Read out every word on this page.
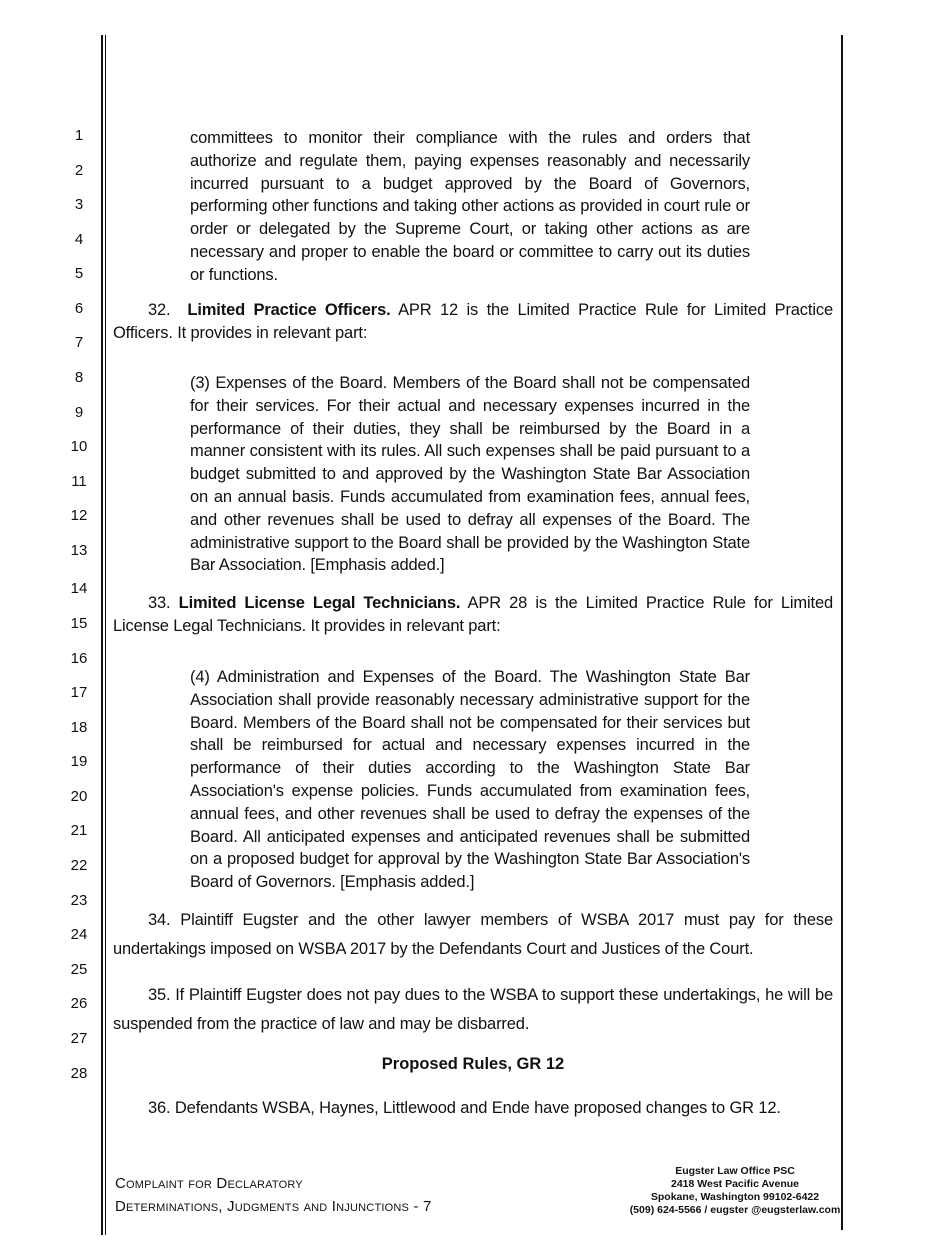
1
2
3
4
5
6
7
8
9
10
11
12
13
14
15
16
17
18
19
20
21
22
23
24
25
26
27
28
committees to monitor their compliance with the rules and orders that authorize and regulate them, paying expenses reasonably and necessarily incurred pursuant to a budget approved by the Board of Governors, performing other functions and taking other actions as provided in court rule or order or delegated by the Supreme Court, or taking other actions as are necessary and proper to enable the board or committee to carry out its duties or functions.

32. Limited Practice Officers. APR 12 is the Limited Practice Rule for Limited Practice Officers. It provides in relevant part:

(3) Expenses of the Board. Members of the Board shall not be compensated for their services. For their actual and necessary expenses incurred in the performance of their duties, they shall be reimbursed by the Board in a manner consistent with its rules. All such expenses shall be paid pursuant to a budget submitted to and approved by the Washington State Bar Association on an annual basis. Funds accumulated from examination fees, annual fees, and other revenues shall be used to defray all expenses of the Board. The administrative support to the Board shall be provided by the Washington State Bar Association. [Emphasis added.]

33. Limited License Legal Technicians. APR 28 is the Limited Practice Rule for Limited License Legal Technicians. It provides in relevant part:

(4) Administration and Expenses of the Board. The Washington State Bar Association shall provide reasonably necessary administrative support for the Board. Members of the Board shall not be compensated for their services but shall be reimbursed for actual and necessary expenses incurred in the performance of their duties according to the Washington State Bar Association's expense policies. Funds accumulated from examination fees, annual fees, and other revenues shall be used to defray the expenses of the Board. All anticipated expenses and anticipated revenues shall be submitted on a proposed budget for approval by the Washington State Bar Association's Board of Governors. [Emphasis added.]

34. Plaintiff Eugster and the other lawyer members of WSBA 2017 must pay for these undertakings imposed on WSBA 2017 by the Defendants Court and Justices of the Court.

35. If Plaintiff Eugster does not pay dues to the WSBA to support these undertakings, he will be suspended from the practice of law and may be disbarred.

Proposed Rules, GR 12

36. Defendants WSBA, Haynes, Littlewood and Ende have proposed changes to GR 12.

Complaint for Declaratory
Determinations, Judgments and Injunctions - 7
Eugster Law Office PSC
2418 West Pacific Avenue
Spokane, Washington 99102-6422
(509) 624-5566 / eugster @eugsterlaw.com
